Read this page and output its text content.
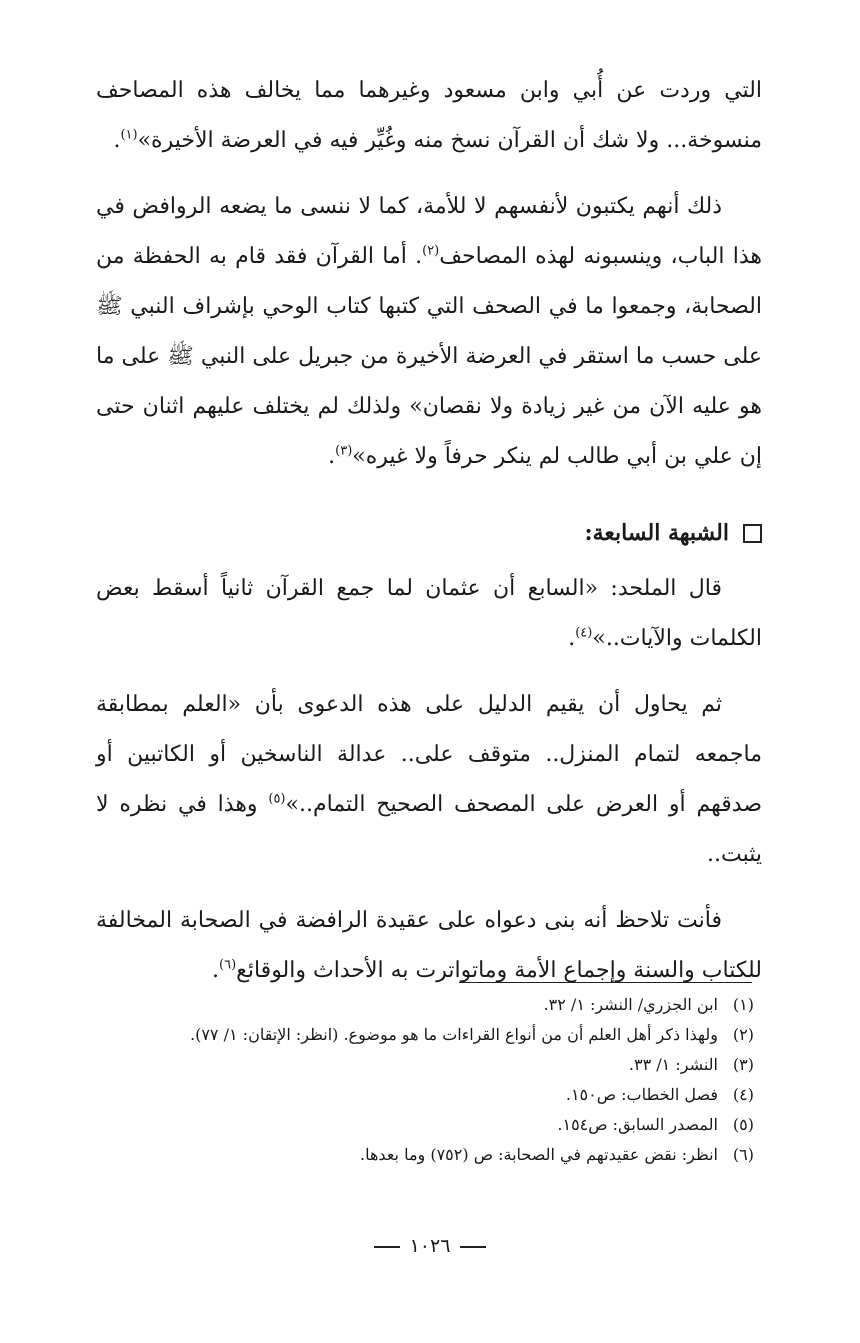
التي وردت عن أُبي وابن مسعود وغيرهما مما يخالف هذه المصاحف منسوخة... ولا شك أن القرآن نسخ منه وغُيِّر فيه في العرضة الأخيرة»$^{(١)}$.

ذلك أنهم يكتبون لأنفسهم لا للأمة، كما لا ننسى ما يضعه الروافض في هذا الباب، وينسبونه لهذه المصاحف$^{(٢)}$. أما القرآن فقد قام به الحفظة من الصحابة، وجمعوا ما في الصحف التي كتبها كتاب الوحي بإشراف النبي ﷺ على حسب ما استقر في العرضة الأخيرة من جبريل على النبي ﷺ على ما هو عليه الآن من غير زيادة ولا نقصان» ولذلك لم يختلف عليهم اثنان حتى إن علي بن أبي طالب لم ينكر حرفاً ولا غيره»$^{(٣)}$.

الشبهة السابعة:

قال الملحد: «السابع أن عثمان لما جمع القرآن ثانياً أسقط بعض الكلمات والآيات..»$^{(٤)}$.

ثم يحاول أن يقيم الدليل على هذه الدعوى بأن «العلم بمطابقة ماجمعه لتمام المنزل.. متوقف على.. عدالة الناسخين أو الكاتبين أو صدقهم أو العرض على المصحف الصحيح التمام..»$^{(٥)}$ وهذا في نظره لا يثبت..

فأنت تلاحظ أنه بنى دعواه على عقيدة الرافضة في الصحابة المخالفة للكتاب والسنة وإجماع الأمة وماتواترت به الأحداث والوقائع$^{(٦)}$.

(١)
ابن الجزري/ النشر: ١/ ٣٢.
(٢)
ولهذا ذكر أهل العلم أن من أنواع القراءات ما هو موضوع. (انظر: الإتقان: ١/ ٧٧).
(٣)
النشر: ١/ ٣٣.
(٤)
فصل الخطاب: ص١٥٠.
(٥)
المصدر السابق: ص١٥٤.
(٦)
انظر: نقض عقيدتهم في الصحابة: ص (٧٥٢) وما بعدها.
١٠٢٦
